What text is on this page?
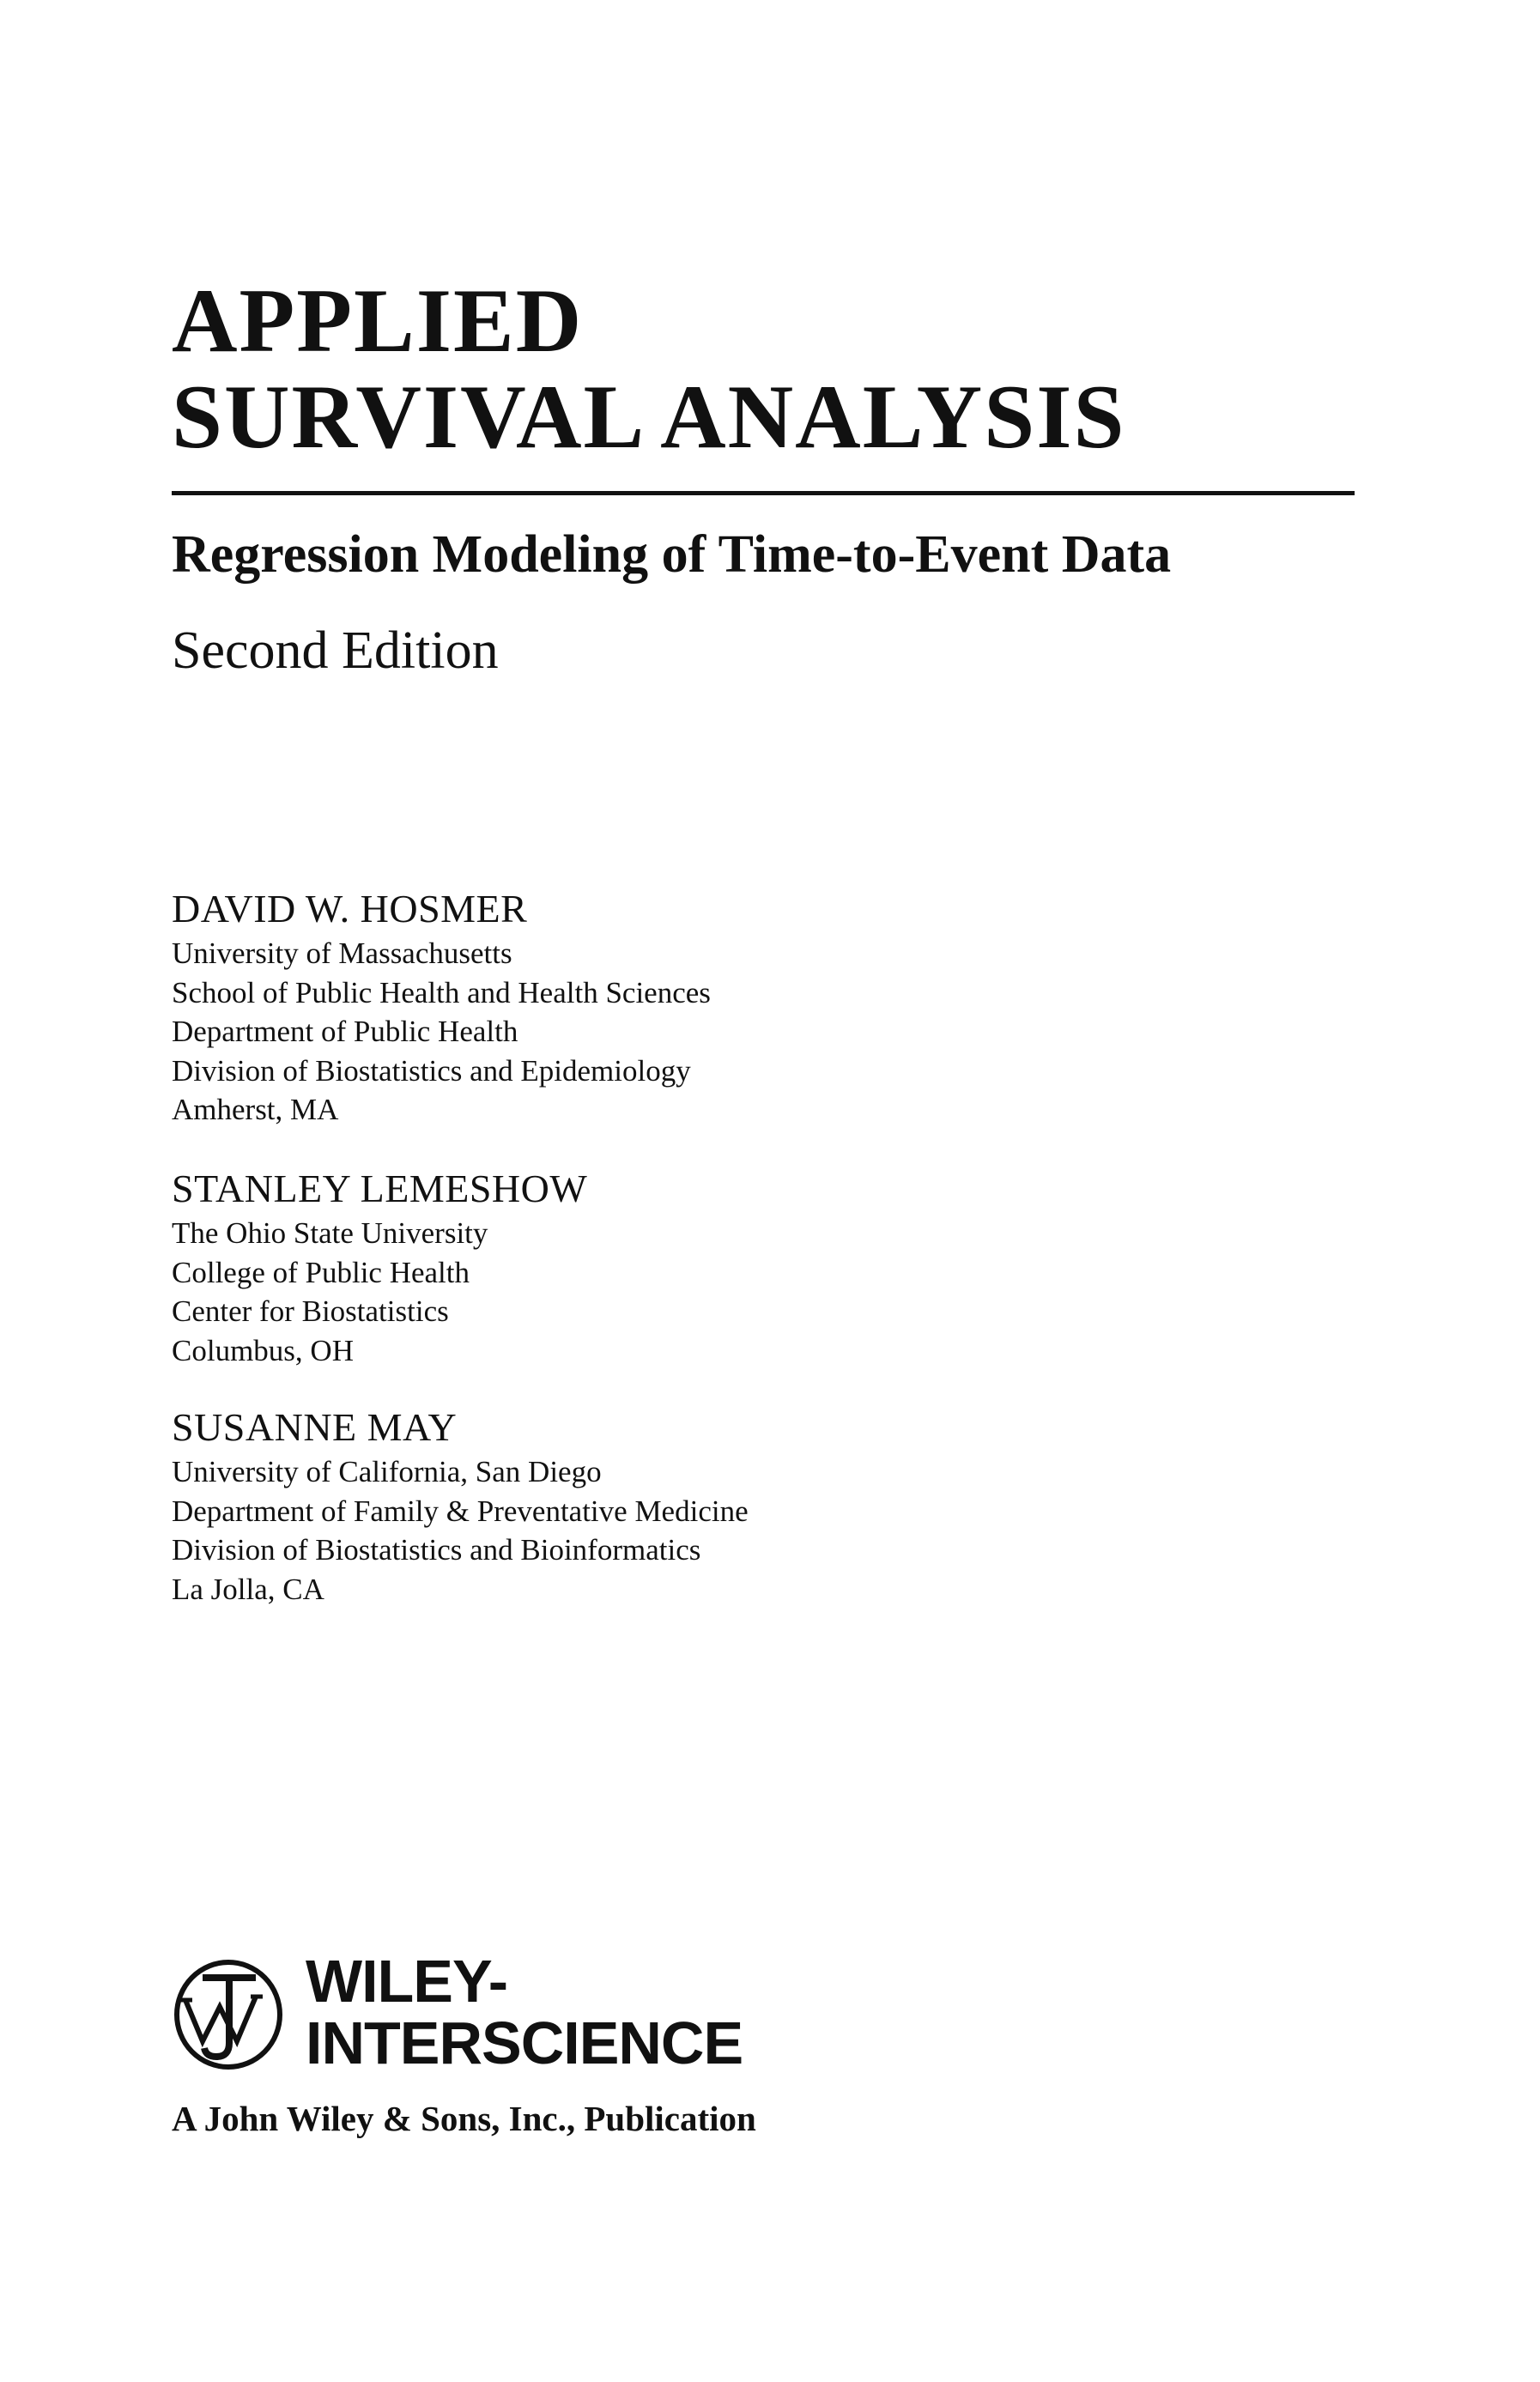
APPLIED
SURVIVAL ANALYSIS
Regression Modeling of Time-to-Event Data
Second Edition
DAVID W. HOSMER
University of Massachusetts
School of Public Health and Health Sciences
Department of Public Health
Division of Biostatistics and Epidemiology
Amherst, MA
STANLEY LEMESHOW
The Ohio State University
College of Public Health
Center for Biostatistics
Columbus, OH
SUSANNE MAY
University of California, San Diego
Department of Family & Preventative Medicine
Division of Biostatistics and Bioinformatics
La Jolla, CA
WILEY-
INTERSCIENCE
A John Wiley & Sons, Inc., Publication
